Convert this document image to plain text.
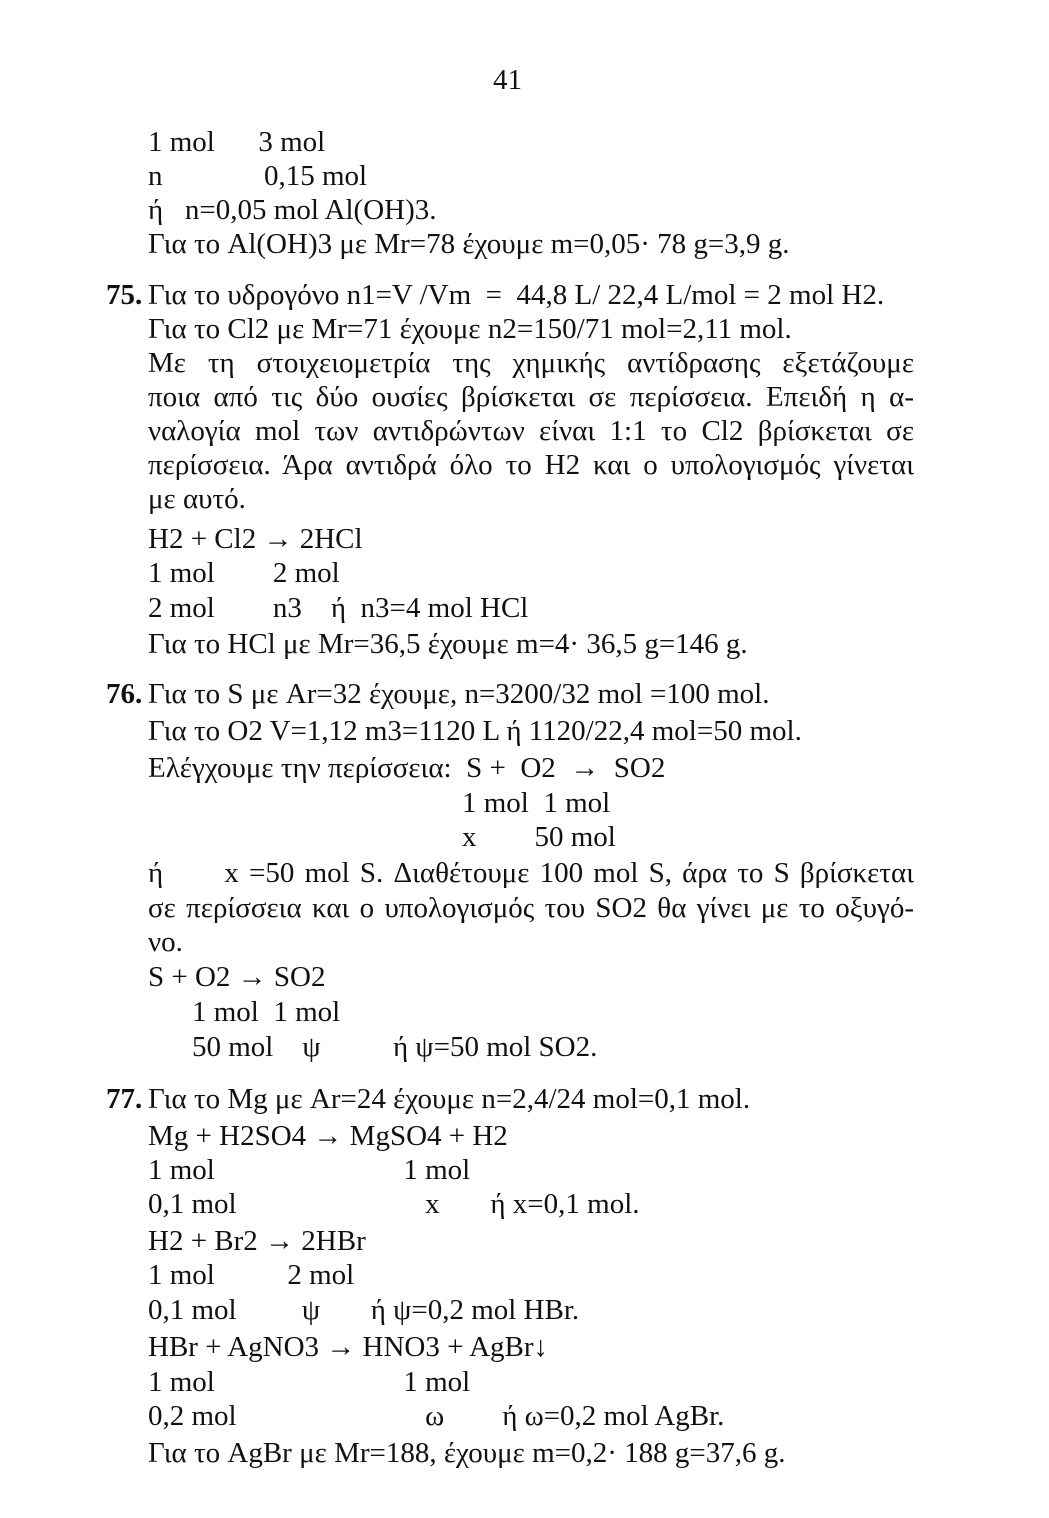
41
1 mol      3 mol
n              0,15 mol
ή   n=0,05 mol Al(OH)3.
Για το Al(OH)3 με Mr=78 έχουμε m=0,05· 78 g=3,9 g.
75. Για το υδρογόνο n1=V /Vm  =  44,8 L/ 22,4 L/mol = 2 mol H2.
Για το Cl2 με Mr=71 έχουμε n2=150/71 mol=2,11 mol.
Με τη στοιχειομετρία της χημικής αντίδρασης εξετάζουμε
ποια από τις δύο ουσίες βρίσκεται σε περίσσεια. Επειδή η α-
ναλογία mol των αντιδρώντων είναι 1:1 το Cl2 βρίσκεται σε
περίσσεια. Άρα αντιδρά όλο το H2 και ο υπολογισμός γίνεται
με αυτό.
H2 + Cl2 → 2HCl
1 mol        2 mol
2 mol        n3    ή  n3=4 mol HCl
Για το HCl με Mr=36,5 έχουμε m=4· 36,5 g=146 g.
76. Για το S με Ar=32 έχουμε, n=3200/32 mol =100 mol.
Για το O2 V=1,12 m3=1120 L ή 1120/22,4 mol=50 mol.
Ελέγχουμε την περίσσεια:  S +  O2  →  SO2
1 mol  1 mol
x        50 mol
ή      x =50 mol S. Διαθέτουμε 100 mol S, άρα το S βρίσκεται
σε περίσσεια και ο υπολογισμός του SO2 θα γίνει με το οξυγό-
νο.
S + O2 → SO2
1 mol  1 mol
50 mol    ψ          ή ψ=50 mol SO2.
77. Για το Mg με Ar=24 έχουμε n=2,4/24 mol=0,1 mol.
Mg + H2SO4 → MgSO4 + H2
1 mol                          1 mol
0,1 mol                          x       ή x=0,1 mol.
H2 + Br2 → 2HBr
1 mol          2 mol
0,1 mol         ψ       ή ψ=0,2 mol HBr.
HBr + AgNO3 → HNO3 + AgBr↓
1 mol                          1 mol
0,2 mol                          ω        ή ω=0,2 mol AgBr.
Για το AgBr με Mr=188, έχουμε m=0,2· 188 g=37,6 g.
